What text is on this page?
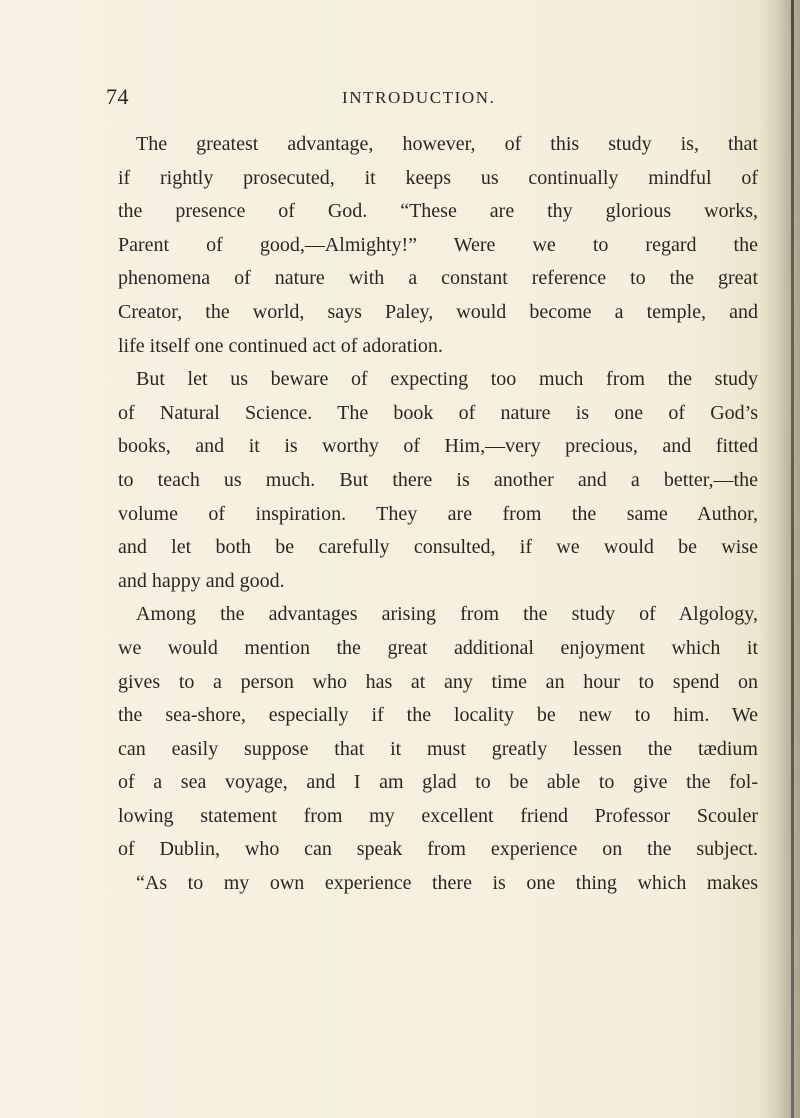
74	INTRODUCTION.
The greatest advantage, however, of this study is, that
if rightly prosecuted, it keeps us continually mindful of
the presence of God. “These are thy glorious works,
Parent of good,—Almighty!” Were we to regard the
phenomena of nature with a constant reference to the great
Creator, the world, says Paley, would become a temple, and
life itself one continued act of adoration.
But let us beware of expecting too much from the study
of Natural Science. The book of nature is one of God’s
books, and it is worthy of Him,—very precious, and fitted
to teach us much. But there is another and a better,—the
volume of inspiration. They are from the same Author,
and let both be carefully consulted, if we would be wise
and happy and good.
Among the advantages arising from the study of Algology,
we would mention the great additional enjoyment which it
gives to a person who has at any time an hour to spend on
the sea-shore, especially if the locality be new to him. We
can easily suppose that it must greatly lessen the tædium
of a sea voyage, and I am glad to be able to give the fol-
lowing statement from my excellent friend Professor Scouler
of Dublin, who can speak from experience on the subject.
“As to my own experience there is one thing which makes
